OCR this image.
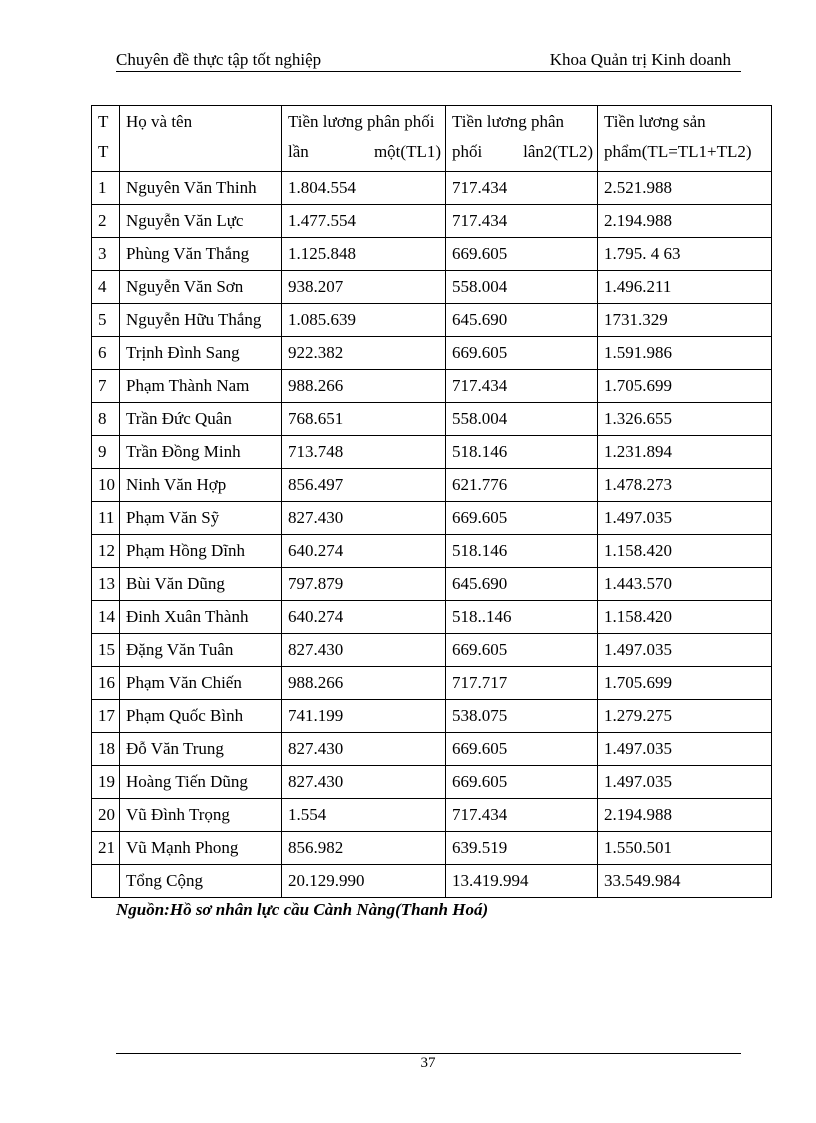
Chuyên đề thực tập tốt nghiệp	Khoa Quản trị Kinh doanh
T T	Họ và tên	Tiền lương phân phối lần một(TL1)	Tiền lương phân phối lân2(TL2)	Tiền lương sản phẩm(TL=TL1+TL2)
1	Nguyên Văn Thinh	1.804.554	717.434	2.521.988
2	Nguyễn Văn Lực	1.477.554	717.434	2.194.988
3	Phùng Văn Thắng	1.125.848	669.605	1.795. 4 63
4	Nguyễn Văn Sơn	938.207	558.004	1.496.211
5	Nguyễn Hữu Thắng	1.085.639	645.690	1731.329
6	Trịnh Đình Sang	922.382	669.605	1.591.986
7	Phạm Thành Nam	988.266	717.434	1.705.699
8	Trần Đức Quân	768.651	558.004	1.326.655
9	Trần Đồng Minh	713.748	518.146	1.231.894
10	Ninh Văn Hợp	856.497	621.776	1.478.273
11	Phạm Văn Sỹ	827.430	669.605	1.497.035
12	Phạm Hồng Dĩnh	640.274	518.146	1.158.420
13	Bùi Văn Dũng	797.879	645.690	1.443.570
14	Đinh Xuân Thành	640.274	518..146	1.158.420
15	Đặng Văn Tuân	827.430	669.605	1.497.035
16	Phạm Văn Chiến	988.266	717.717	1.705.699
17	Phạm Quốc Bình	741.199	538.075	1.279.275
18	Đỗ Văn Trung	827.430	669.605	1.497.035
19	Hoàng Tiến Dũng	827.430	669.605	1.497.035
20	Vũ Đình Trọng	1.554	717.434	2.194.988
21	Vũ Mạnh Phong	856.982	639.519	1.550.501
	Tổng Cộng	20.129.990	13.419.994	33.549.984
Nguồn:Hồ sơ nhân lực cầu Cành Nàng(Thanh Hoá)
37
